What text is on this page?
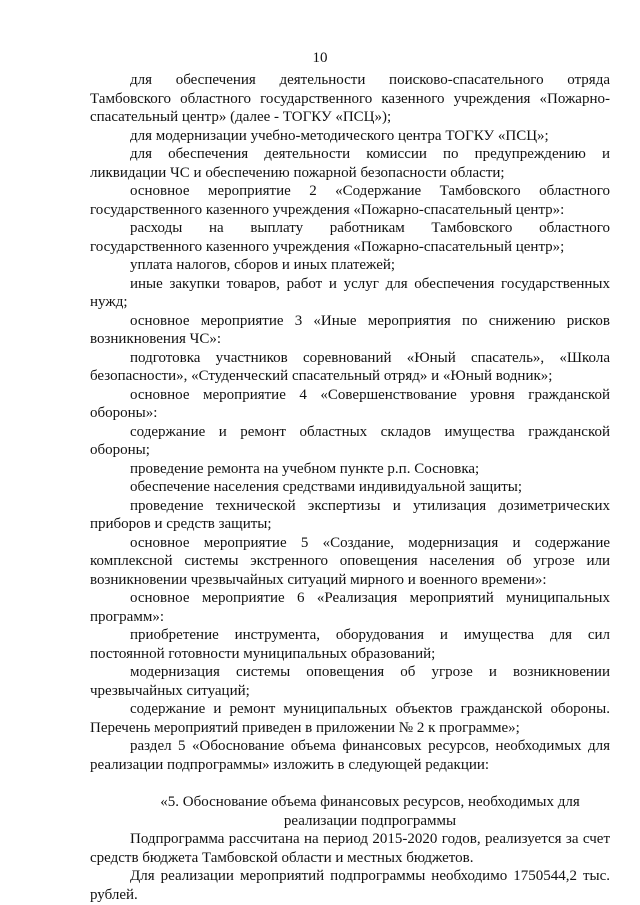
10

для обеспечения деятельности поисково-спасательного отряда Тамбовского областного государственного казенного учреждения «Пожарно-спасательный центр» (далее - ТОГКУ «ПСЦ»);

для модернизации учебно-методического центра ТОГКУ «ПСЦ»;

для обеспечения деятельности комиссии по предупреждению и ликвидации ЧС и обеспечению пожарной безопасности области;

основное мероприятие 2 «Содержание Тамбовского областного государственного казенного учреждения «Пожарно-спасательный центр»:

расходы на выплату работникам Тамбовского областного государственного казенного учреждения «Пожарно-спасательный центр»;

уплата налогов, сборов и иных платежей;

иные закупки товаров, работ и услуг для обеспечения государственных нужд;

основное мероприятие 3 «Иные мероприятия по снижению рисков возникновения ЧС»:

подготовка участников соревнований «Юный спасатель», «Школа безопасности», «Студенческий спасательный отряд» и «Юный водник»;

основное мероприятие 4 «Совершенствование уровня гражданской обороны»:

содержание и ремонт областных складов имущества гражданской обороны;

проведение ремонта на учебном пункте р.п. Сосновка;

обеспечение населения средствами индивидуальной защиты;

проведение технической экспертизы и утилизация дозиметрических приборов и средств защиты;

основное мероприятие 5 «Создание, модернизация и содержание комплексной системы экстренного оповещения населения об угрозе или возникновении чрезвычайных ситуаций мирного и военного времени»:

основное мероприятие 6 «Реализация мероприятий муниципальных программ»:

приобретение инструмента, оборудования и имущества для сил постоянной готовности муниципальных образований;

модернизация системы оповещения об угрозе и возникновении чрезвычайных ситуаций;

содержание и ремонт муниципальных объектов гражданской обороны. Перечень мероприятий приведен в приложении № 2 к программе»;

раздел 5 «Обоснование объема финансовых ресурсов, необходимых для реализации подпрограммы» изложить в следующей редакции:

«5. Обоснование объема финансовых ресурсов, необходимых для реализации подпрограммы

Подпрограмма рассчитана на период 2015-2020 годов, реализуется за счет средств бюджета Тамбовской области и местных бюджетов.

Для реализации мероприятий подпрограммы необходимо 1750544,2 тыс. рублей.
